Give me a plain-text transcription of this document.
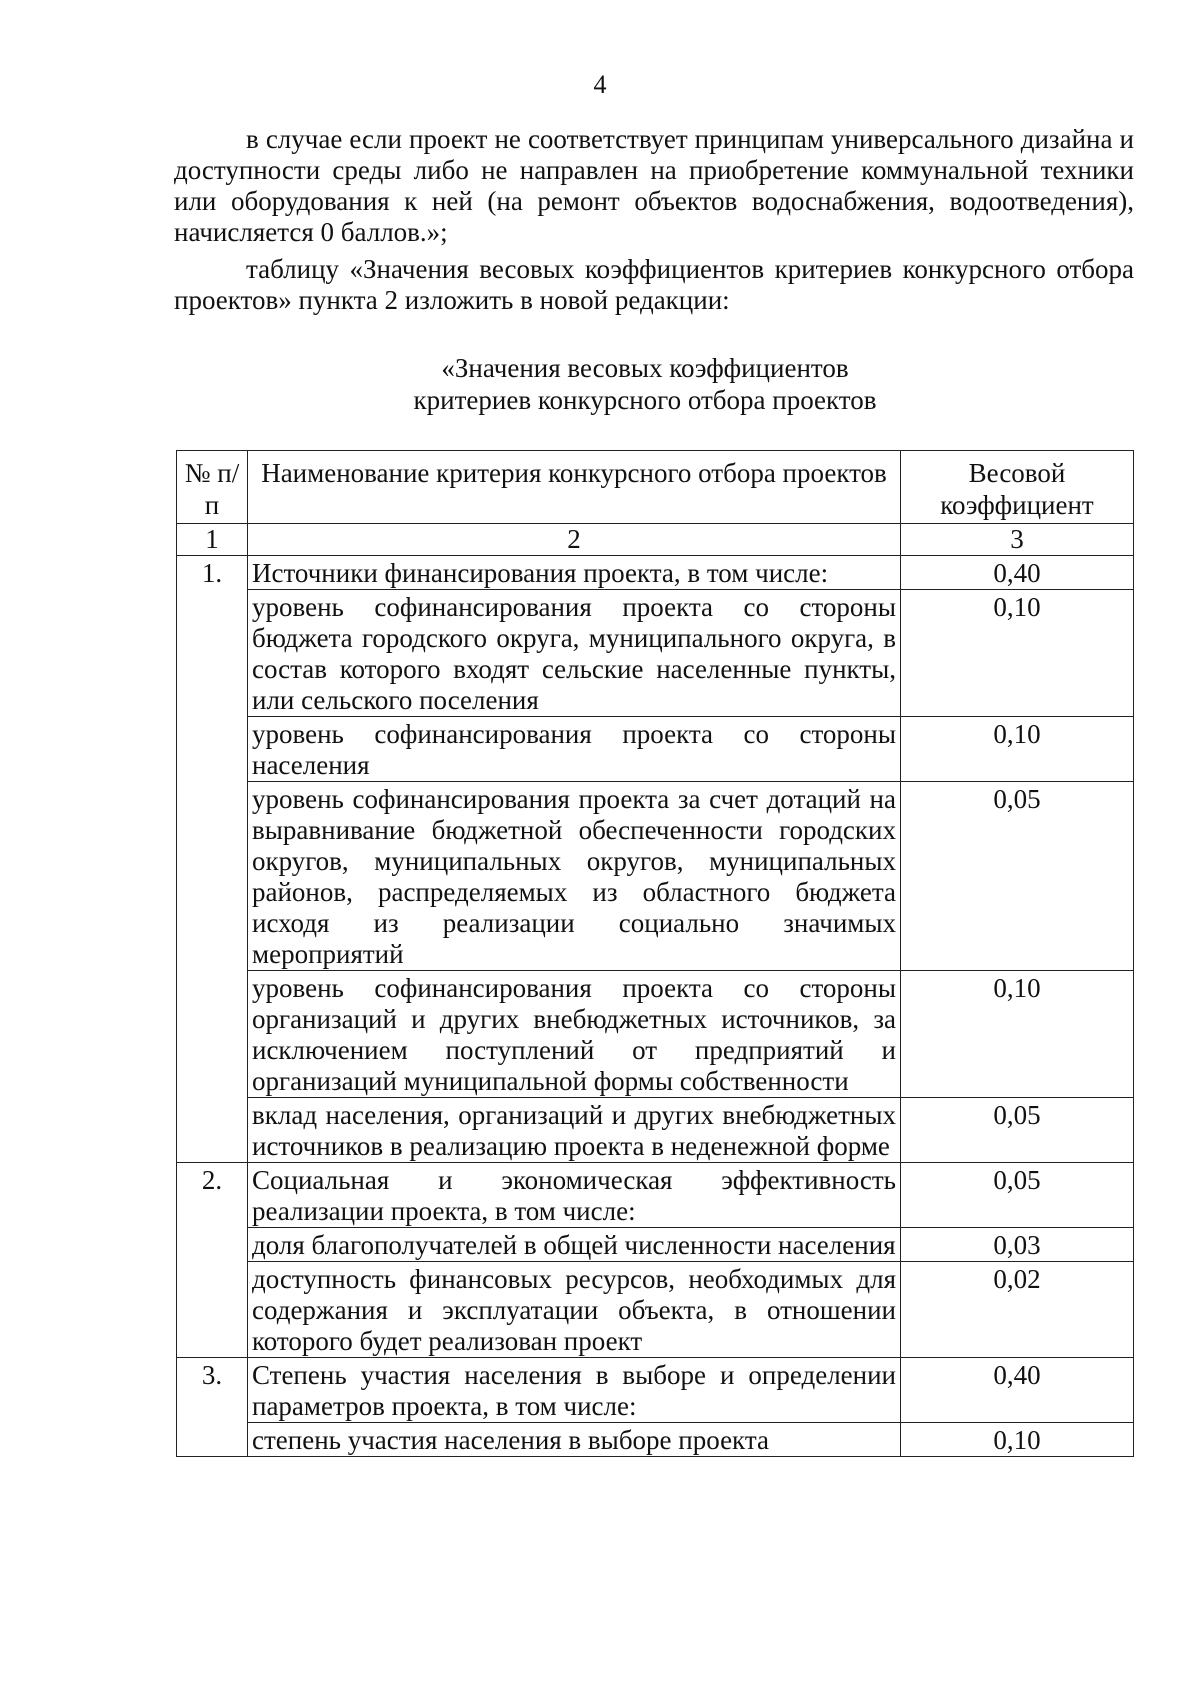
4

в случае если проект не соответствует принципам универсального дизайна и доступности среды либо не направлен на приобретение коммунальной техники или оборудования к ней (на ремонт объектов водоснабжения, водоотведения), начисляется 0 баллов.»;

таблицу «Значения весовых коэффициентов критериев конкурсного отбора проектов» пункта 2 изложить в новой редакции:

«Значения весовых коэффициентов
критериев конкурсного отбора проектов
№ п/п	Наименование критерия конкурсного отбора проектов	Весовой коэффициент
1	2	3
1.	Источники финансирования проекта, в том числе:	0,40
	уровень софинансирования проекта со стороны бюджета городского округа, муниципального округа, в состав которого входят сельские населенные пункты, или сельского поселения	0,10
	уровень софинансирования проекта со стороны населения	0,10
	уровень софинансирования проекта за счет дотаций на выравнивание бюджетной обеспеченности городских округов, муниципальных округов, муниципальных районов, распределяемых из областного бюджета исходя из реализации социально значимых мероприятий	0,05
	уровень софинансирования проекта со стороны организаций и других внебюджетных источников, за исключением поступлений от предприятий и организаций муниципальной формы собственности	0,10
	вклад населения, организаций и других внебюджетных источников в реализацию проекта в неденежной форме	0,05
2.	Социальная и экономическая эффективность реализации проекта, в том числе:	0,05
	доля благополучателей в общей численности населения	0,03
	доступность финансовых ресурсов, необходимых для содержания и эксплуатации объекта, в отношении которого будет реализован проект	0,02
3.	Степень участия населения в выборе и определении параметров проекта, в том числе:	0,40
	степень участия населения в выборе проекта	0,10
